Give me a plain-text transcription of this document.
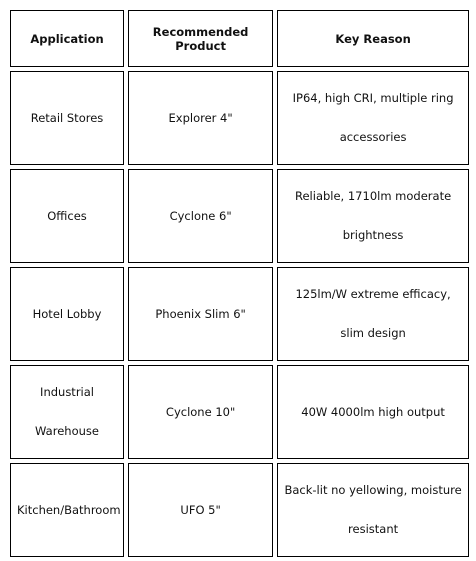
Application	Recommended Product	Key Reason
Retail Stores	Explorer 4"	IP64, high CRI, multiple ring accessories
Offices	Cyclone 6"	Reliable, 1710lm moderate brightness
Hotel Lobby	Phoenix Slim 6"	125lm/W extreme efficacy, slim design
Industrial Warehouse	Cyclone 10"	40W 4000lm high output
Kitchen/Bathroom	UFO 5"	Back-lit no yellowing, moisture resistant
